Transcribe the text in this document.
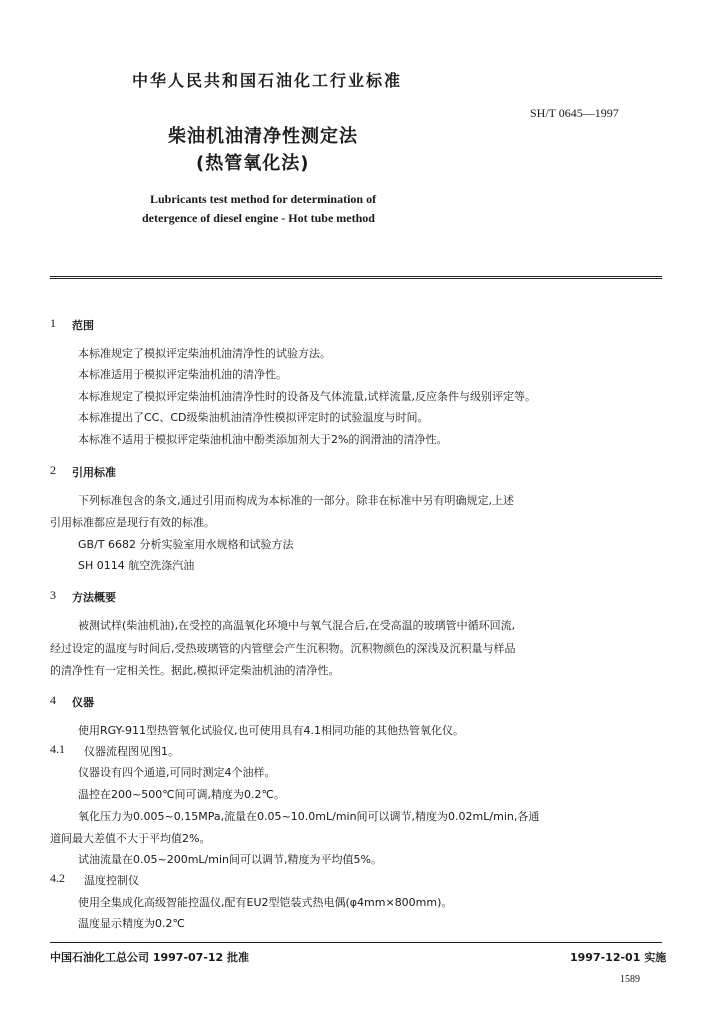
中华人民共和国石油化工行业标准
SH/T 0645—1997
柴油机油清净性测定法
(热管氧化法)
Lubricants test method for determination of
detergence of diesel engine - Hot tube method
1 范围
本标准规定了模拟评定柴油机油清净性的试验方法。
本标准适用于模拟评定柴油机油的清净性。
本标准规定了模拟评定柴油机油清净性时的设备及气体流量,试样流量,反应条件与级别评定等。
本标准提出了CC、CD级柴油机油清净性模拟评定时的试验温度与时间。
本标准不适用于模拟评定柴油机油中酚类添加剂大于2%的润滑油的清净性。
2 引用标准
下列标准包含的条文,通过引用而构成为本标准的一部分。除非在标准中另有明确规定,上述
引用标准都应是现行有效的标准。
GB/T 6682 分析实验室用水规格和试验方法
SH 0114 航空洗涤汽油
3 方法概要
被测试样(柴油机油),在受控的高温氧化环境中与氧气混合后,在受高温的玻璃管中循环回流,
经过设定的温度与时间后,受热玻璃管的内管壁会产生沉积物。沉积物颜色的深浅及沉积量与样品
的清净性有一定相关性。据此,模拟评定柴油机油的清净性。
4 仪器
使用RGY-911型热管氧化试验仪,也可使用具有4.1相同功能的其他热管氧化仪。
4.1 仪器流程图见图1。
仪器设有四个通道,可同时测定4个油样。
温控在200~500℃间可调,精度为0.2℃。
氧化压力为0.005~0.15MPa,流量在0.05~10.0mL/min间可以调节,精度为0.02mL/min,各通
道间最大差值不大于平均值2%。
试油流量在0.05~200mL/min间可以调节,精度为平均值5%。
4.2 温度控制仪
使用全集成化高级智能控温仪,配有EU2型铠装式热电偶(φ4mm×800mm)。
温度显示精度为0.2℃
中国石油化工总公司 1997-07-12 批准	1997-12-01 实施
1589
